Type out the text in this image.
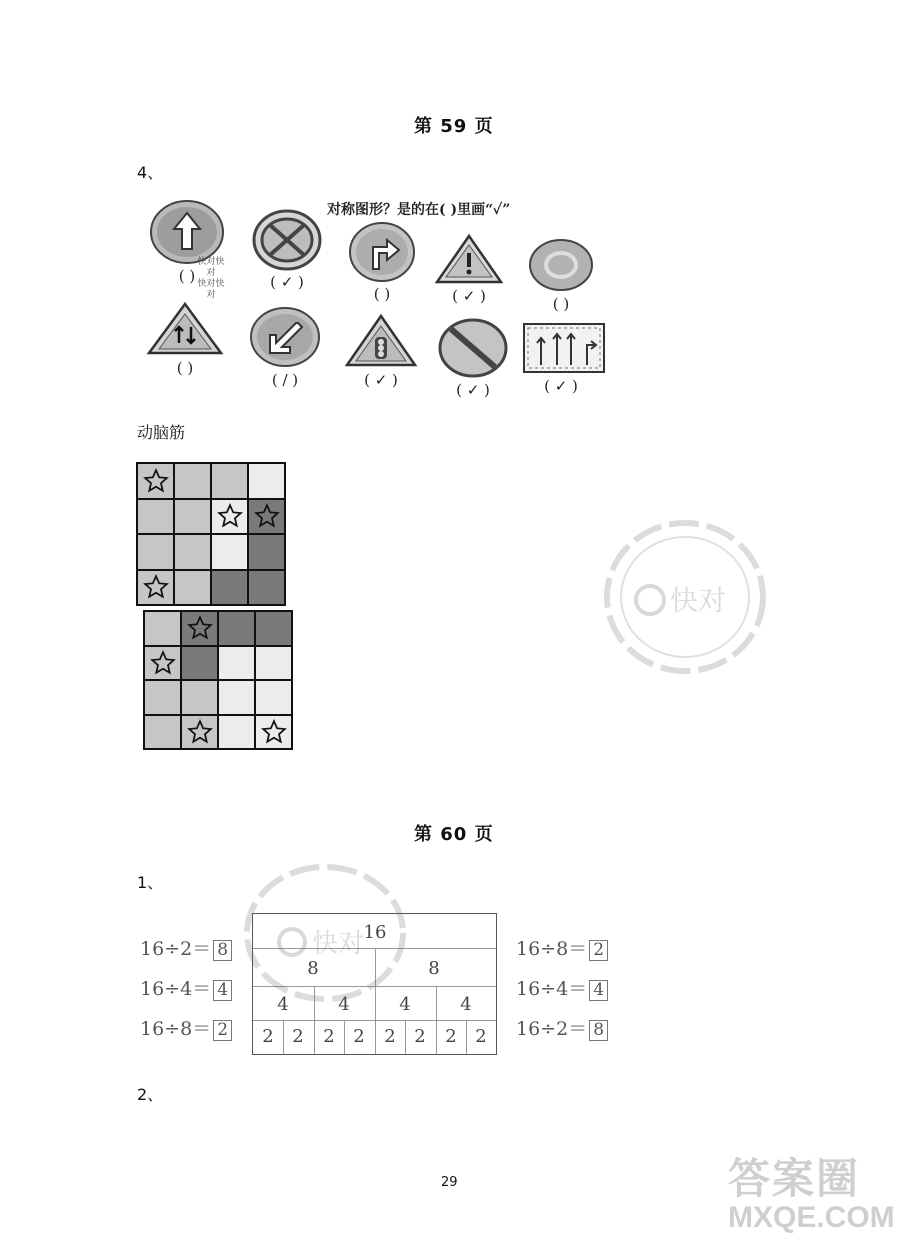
第 59 页
4、
对称图形？是的在( )里画“✓”
快对快对
快对快对
( )	( ✓ )
( )	( ✓ )	( )
( )
( / )	( ✓ )
( ✓ )	( ✓ )
动脑筋
快对
第 60 页
1、
16÷2＝ 8
16÷4＝ 4
16÷8＝ 2
16÷8＝ 2
16÷4＝ 4
16÷2＝ 8
16
8	8
4	4	4	4
2	2	2	2	2	2	2	2
快对
2、
29	答案圈
MXQE.COM
